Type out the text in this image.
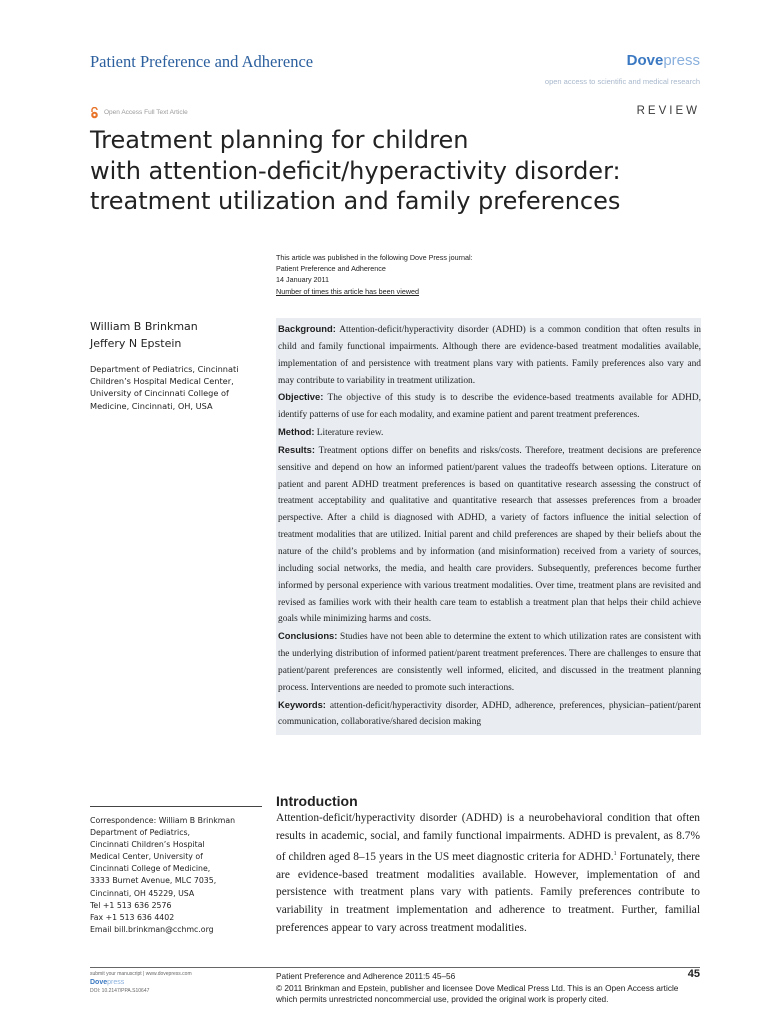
Patient Preference and Adherence	Dovepress
open access to scientific and medical research
Open Access Full Text Article	REVIEW
Treatment planning for children
with attention-deficit/hyperactivity disorder:
treatment utilization and family preferences
This article was published in the following Dove Press journal:
Patient Preference and Adherence
14 January 2011
Number of times this article has been viewed
William B Brinkman
Jeffery N Epstein
Department of Pediatrics, Cincinnati Children’s Hospital Medical Center, University of Cincinnati College of Medicine, Cincinnati, OH, USA

Background: Attention-deficit/hyperactivity disorder (ADHD) is a common condition that often results in child and family functional impairments. Although there are evidence-based treatment modalities available, implementation of and persistence with treatment plans vary with patients. Family preferences also vary and may contribute to variability in treatment utilization.

Objective: The objective of this study is to describe the evidence-based treatments available for ADHD, identify patterns of use for each modality, and examine patient and parent treatment preferences.

Method: Literature review.

Results: Treatment options differ on benefits and risks/costs. Therefore, treatment decisions are preference sensitive and depend on how an informed patient/parent values the tradeoffs between options. Literature on patient and parent ADHD treatment preferences is based on quantitative research assessing the construct of treatment acceptability and qualitative and quantitative research that assesses preferences from a broader perspective. After a child is diagnosed with ADHD, a variety of factors influence the initial selection of treatment modalities that are utilized. Initial parent and child preferences are shaped by their beliefs about the nature of the child’s problems and by information (and misinformation) received from a variety of sources, including social networks, the media, and health care providers. Subsequently, preferences become further informed by personal experience with various treatment modalities. Over time, treatment plans are revisited and revised as families work with their health care team to establish a treatment plan that helps their child achieve goals while minimizing harms and costs.

Conclusions: Studies have not been able to determine the extent to which utilization rates are consistent with the underlying distribution of informed patient/parent treatment preferences. There are challenges to ensure that patient/parent preferences are consistently well informed, elicited, and discussed in the treatment planning process. Interventions are needed to promote such interactions.

Keywords: attention-deficit/hyperactivity disorder, ADHD, adherence, preferences, physician–patient/parent communication, collaborative/shared decision making

Introduction
Attention-deficit/hyperactivity disorder (ADHD) is a neurobehavioral condition that often results in academic, social, and family functional impairments. ADHD is prevalent, as 8.7% of children aged 8–15 years in the US meet diagnostic criteria for ADHD.$^1$ Fortunately, there are evidence-based treatment modalities available. However, implementation of and persistence with treatment plans vary with patients. Family preferences contribute to variability in treatment implementation and adherence to treatment. Further, familial preferences appear to vary across treatment modalities.
Correspondence: William B Brinkman
Department of Pediatrics,
Cincinnati Children’s Hospital
Medical Center, University of
Cincinnati College of Medicine,
3333 Burnet Avenue, MLC 7035,
Cincinnati, OH 45229, USA
Tel +1 513 636 2576
Fax +1 513 636 4402
Email bill.brinkman@cchmc.org
submit your manuscript | www.dovepress.com
Dovepress
DOI: 10.2147/PPA.S10647
Patient Preference and Adherence 2011:5 45–56
© 2011 Brinkman and Epstein, publisher and licensee Dove Medical Press Ltd. This is an Open Access article which permits unrestricted noncommercial use, provided the original work is properly cited.
45
